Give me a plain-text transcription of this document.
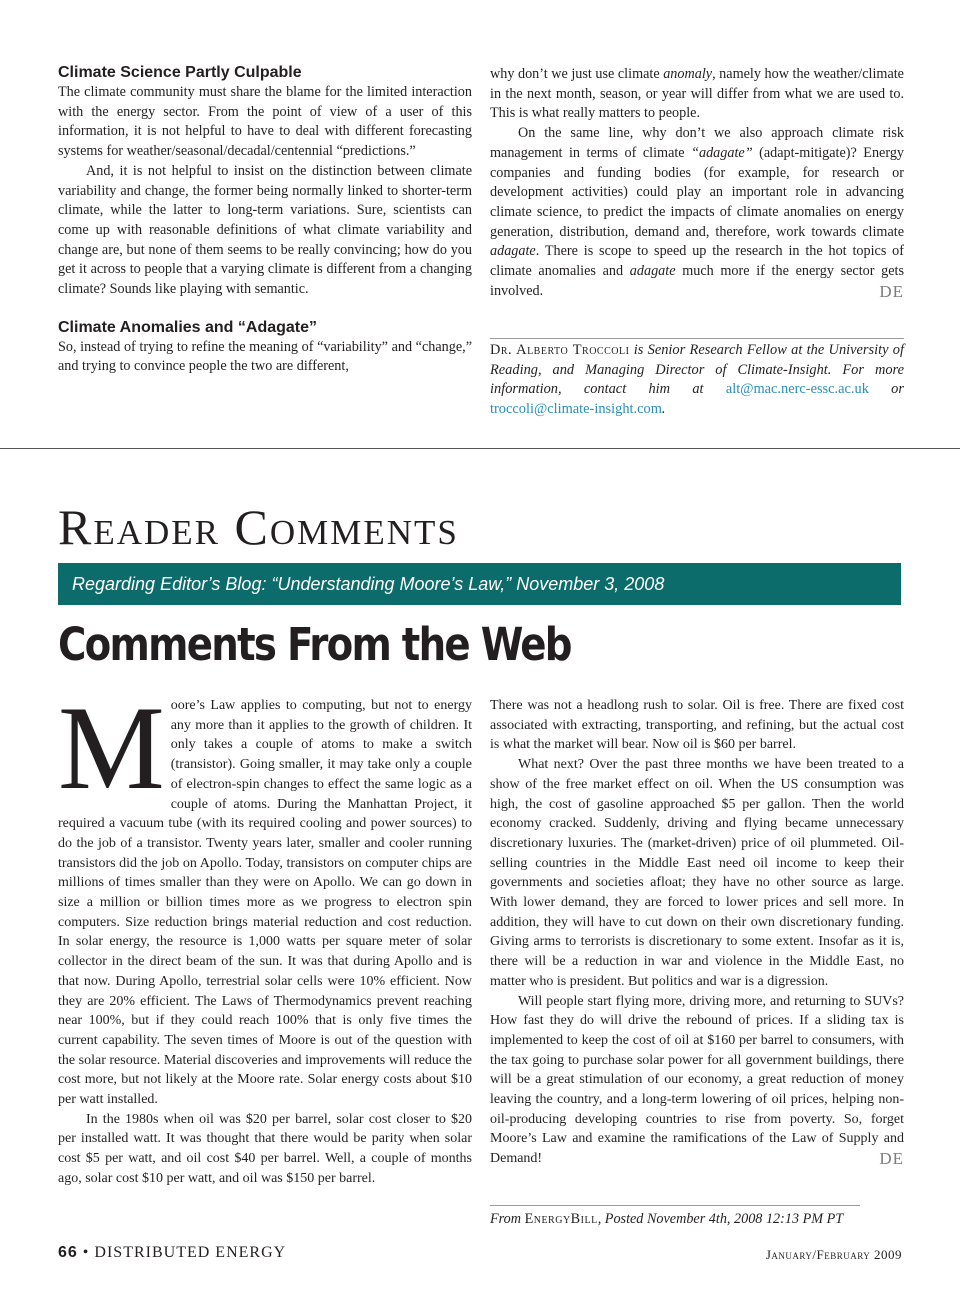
Climate Science Partly Culpable

The climate community must share the blame for the limited interaction with the energy sector. From the point of view of a user of this information, it is not helpful to have to deal with different forecasting systems for weather/seasonal/decadal/centennial “predictions.”

And, it is not helpful to insist on the distinction between climate variability and change, the former being normally linked to shorter-term climate, while the latter to long-term variations. Sure, scientists can come up with reasonable definitions of what climate variability and change are, but none of them seems to be really convincing; how do you get it across to people that a varying climate is different from a changing climate? Sounds like playing with semantic.

Climate Anomalies and “Adagate”

So, instead of trying to refine the meaning of “variability” and “change,” and trying to convince people the two are different,

why don’t we just use climate anomaly, namely how the weather/climate in the next month, season, or year will differ from what we are used to. This is what really matters to people.

On the same line, why don’t we also approach climate risk management in terms of climate “adagate” (adapt-mitigate)? Energy companies and funding bodies (for example, for research or development activities) could play an important role in advancing climate science, to predict the impacts of climate anomalies on energy generation, distribution, demand and, therefore, work towards climate adagate. There is scope to speed up the research in the hot topics of climate anomalies and adagate much more if the energy sector gets involved.	DE

Dr. Alberto Troccoli is Senior Research Fellow at the University of Reading, and Managing Director of Climate-Insight. For more information, contact him at alt@mac.nerc-essc.ac.uk or troccoli@climate-insight.com.
Reader Comments
Regarding Editor’s Blog: “Understanding Moore’s Law,” November 3, 2008
Comments From the Web

Moore’s Law applies to computing, but not to energy any more than it applies to the growth of children. It only takes a couple of atoms to make a switch (transistor). Going smaller, it may take only a couple of electron-spin changes to effect the same logic as a couple of atoms. During the Manhattan Project, it required a vacuum tube (with its required cooling and power sources) to do the job of a transistor. Twenty years later, smaller and cooler running transistors did the job on Apollo. Today, transistors on computer chips are millions of times smaller than they were on Apollo. We can go down in size a million or billion times more as we progress to electron spin computers. Size reduction brings material reduction and cost reduction. In solar energy, the resource is 1,000 watts per square meter of solar collector in the direct beam of the sun. It was that during Apollo and is that now. During Apollo, terrestrial solar cells were 10% efficient. Now they are 20% efficient. The Laws of Thermodynamics prevent reaching near 100%, but if they could reach 100% that is only five times the current capability. The seven times of Moore is out of the question with the solar resource. Material discoveries and improvements will reduce the cost more, but not likely at the Moore rate. Solar energy costs about $10 per watt installed.

In the 1980s when oil was $20 per barrel, solar cost closer to $20 per installed watt. It was thought that there would be parity when solar cost $5 per watt, and oil cost $40 per barrel. Well, a couple of months ago, solar cost $10 per watt, and oil was $150 per barrel.

There was not a headlong rush to solar. Oil is free. There are fixed cost associated with extracting, transporting, and refining, but the actual cost is what the market will bear. Now oil is $60 per barrel.

What next? Over the past three months we have been treated to a show of the free market effect on oil. When the US consumption was high, the cost of gasoline approached $5 per gallon. Then the world economy cracked. Suddenly, driving and flying became unnecessary discretionary luxuries. The (market-driven) price of oil plummeted. Oil-selling countries in the Middle East need oil income to keep their governments and societies afloat; they have no other source as large. With lower demand, they are forced to lower prices and sell more. In addition, they will have to cut down on their own discretionary funding. Giving arms to terrorists is discretionary to some extent. Insofar as it is, there will be a reduction in war and violence in the Middle East, no matter who is president. But politics and war is a digression.

Will people start flying more, driving more, and returning to SUVs? How fast they do will drive the rebound of prices. If a sliding tax is implemented to keep the cost of oil at $160 per barrel to consumers, with the tax going to purchase solar power for all government buildings, there will be a great stimulation of our economy, a great reduction of money leaving the country, and a long-term lowering of oil prices, helping non-oil-producing developing countries to rise from poverty. So, forget Moore’s Law and examine the ramifications of the Law of Supply and Demand!	DE

From EnergyBill, Posted November 4th, 2008 12:13 PM PT
66 • DISTRIBUTED ENERGY	January/February 2009
